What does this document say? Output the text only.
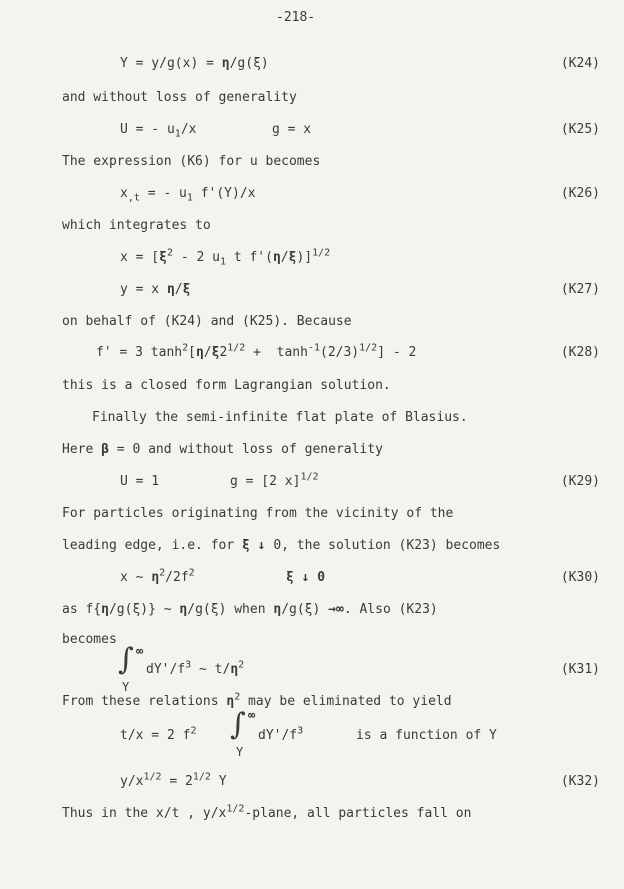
-218-
Y = y/g(x) = η/g(ξ)	(K24)
and without loss of generality
U = - $u_1/x$	g = x	(K25)
The expression (K6) for u becomes
$x_{,t}$ = - $u_1$ f'(Y)/x	(K26)
which integrates to
$x = [\xi^2 - 2$ $u_1$ t f'(η/ξ)]$^{1/2}$
y = x η/ξ	(K27)
on behalf of (K24) and (K25). Because
f' = 3 $\tanh^2[\eta/\xi 2^{1/2} + \tanh^{-1}(2/3)^{1/2}] - 2$	(K28)
this is a closed form Lagrangian solution.
Finally the semi-infinite flat plate of Blasius.
Here β = 0 and without loss of generality
U = 1	g = [2 x]$^{1/2}$	(K29)
For particles originating from the vicinity of the
leading edge, i.e. for ξ ↓ 0, the solution (K23) becomes
x ~ $\eta^2/2f^2$	ξ ↓ 0	(K30)
as f{η/g(ξ)} ~ η/g(ξ) when η/g(ξ) →∞. Also (K23)
becomes
∫ ∞
Y
$dY'/f^3$ ~ $t/\eta^2$	(K31)
From these relations $\eta^2$ may be eliminated to yield
t/x = 2 $f^2$ ∫ ∞
Y
$dY'/f^3$	is a function of Y
$y/x^{1/2} = 2^{1/2}$ Y	(K32)
Thus in the x/t , $y/x^{1/2}$-plane, all particles fall on
